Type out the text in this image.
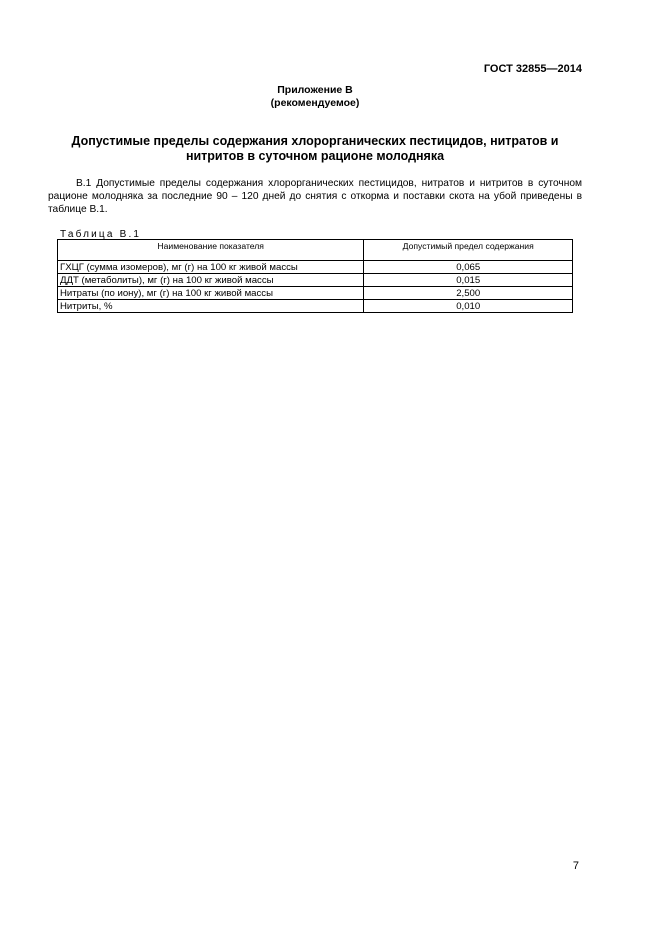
ГОСТ 32855—2014
Приложение В
(рекомендуемое)
Допустимые пределы содержания хлорорганических пестицидов, нитратов и нитритов в суточном рационе молодняка
В.1 Допустимые пределы содержания хлорорганических пестицидов, нитратов и нитритов в суточном рационе молодняка за последние 90 – 120 дней до снятия с откорма и поставки скота на убой приведены в таблице В.1.
Таблица В.1
Наименование показателя	Допустимый предел содержания
ГХЦГ (сумма изомеров), мг (г) на 100 кг живой массы	0,065
ДДТ (метаболиты), мг (г) на 100 кг живой массы	0,015
Нитраты (по иону), мг (г) на 100 кг живой массы	2,500
Нитриты, %	0,010
7
